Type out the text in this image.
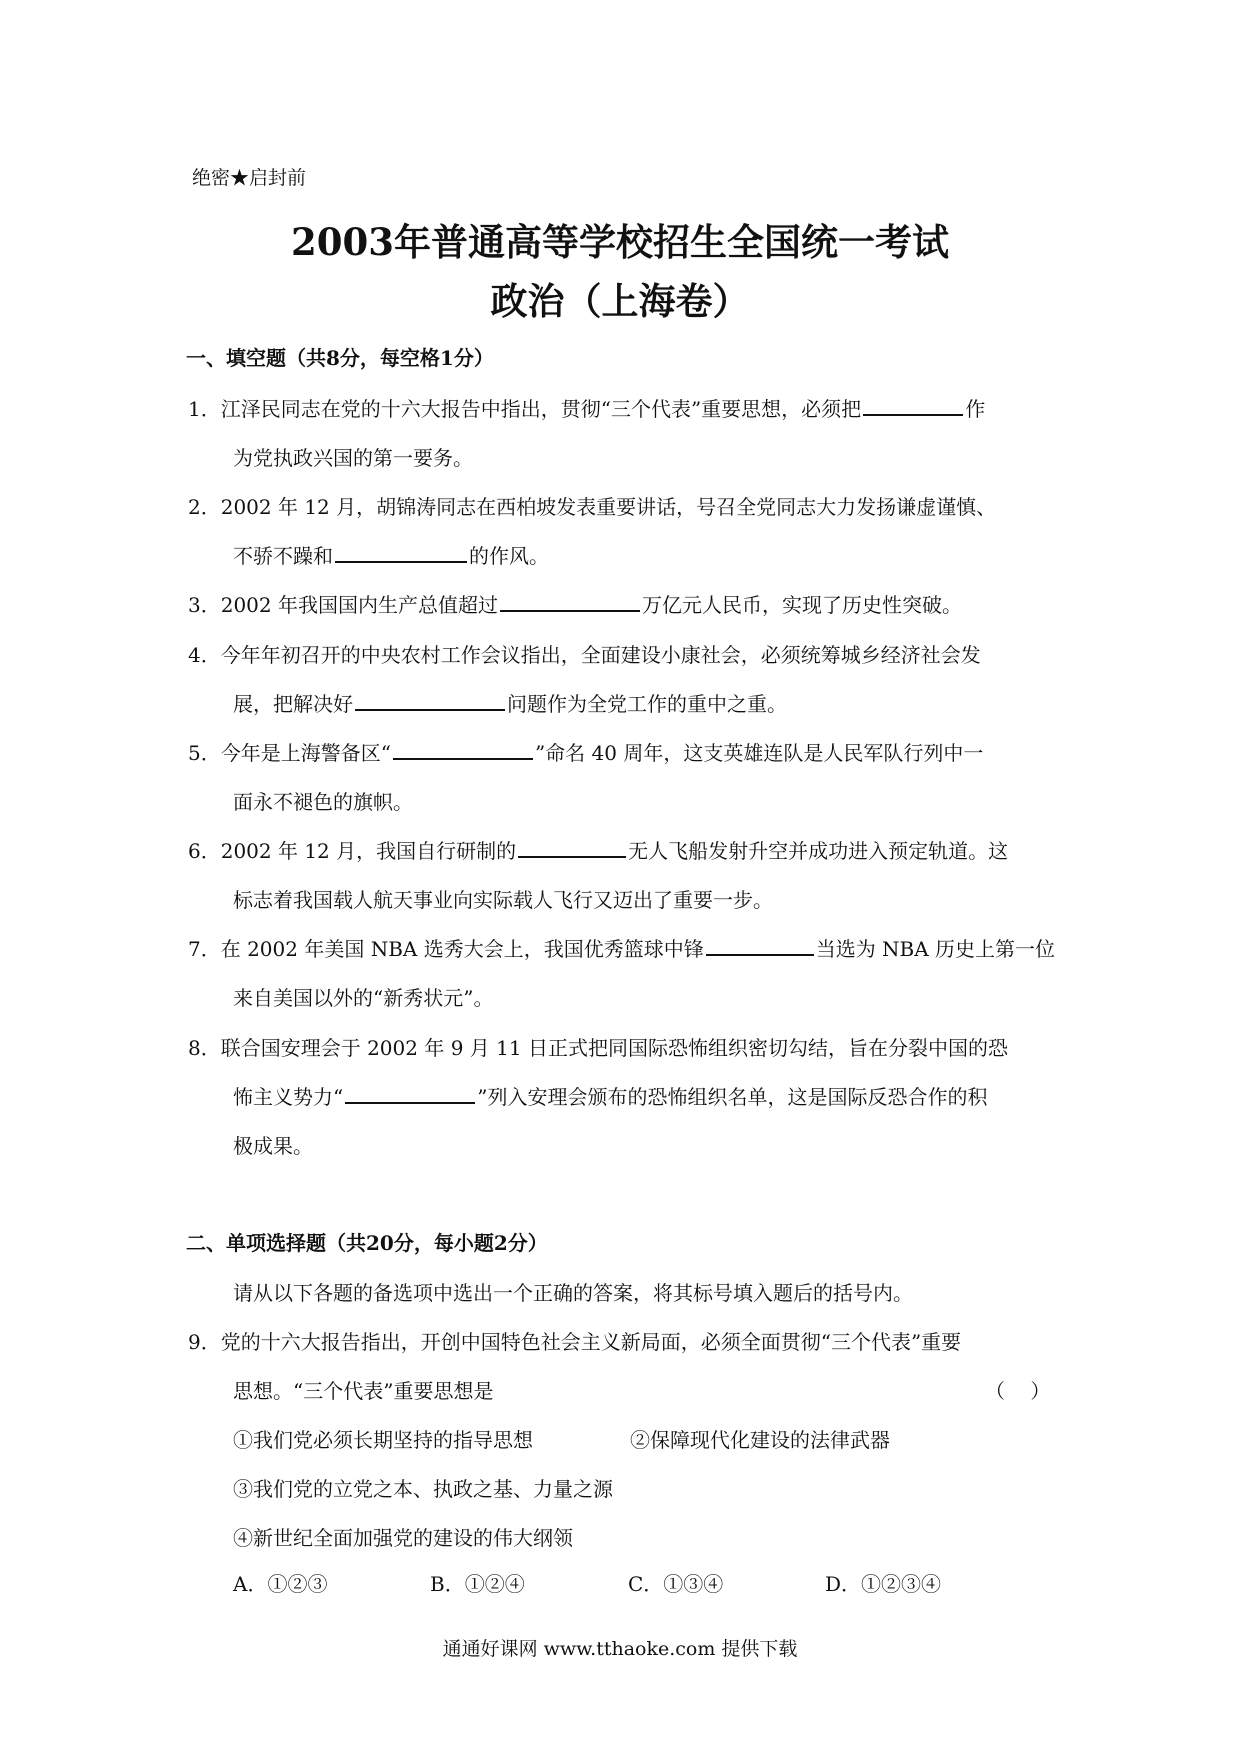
绝密★启封前
2003年普通高等学校招生全国统一考试
政治（上海卷）
一、填空题（共8分，每空格1分）
1．江泽民同志在党的十六大报告中指出，贯彻“三个代表”重要思想，必须把	作
为党执政兴国的第一要务。
2．2002 年 12 月，胡锦涛同志在西柏坡发表重要讲话，号召全党同志大力发扬谦虚谨慎、
不骄不躁和	的作风。
3．2002 年我国国内生产总值超过	万亿元人民币，实现了历史性突破。
4．今年年初召开的中央农村工作会议指出，全面建设小康社会，必须统筹城乡经济社会发
展，把解决好	问题作为全党工作的重中之重。
5．今年是上海警备区“	”命名 40 周年，这支英雄连队是人民军队行列中一
面永不褪色的旗帜。
6．2002 年 12 月，我国自行研制的	无人飞船发射升空并成功进入预定轨道。这
标志着我国载人航天事业向实际载人飞行又迈出了重要一步。
7．在 2002 年美国 NBA 选秀大会上，我国优秀篮球中锋	当选为 NBA 历史上第一位
来自美国以外的“新秀状元”。
8．联合国安理会于 2002 年 9 月 11 日正式把同国际恐怖组织密切勾结，旨在分裂中国的恐
怖主义势力“	”列入安理会颁布的恐怖组织名单，这是国际反恐合作的积
极成果。
二、单项选择题（共20分，每小题2分）
请从以下各题的备选项中选出一个正确的答案，将其标号填入题后的括号内。
9．党的十六大报告指出，开创中国特色社会主义新局面，必须全面贯彻“三个代表”重要
思想。“三个代表”重要思想是	（    ）
①我们党必须长期坚持的指导思想	②保障现代化建设的法律武器
③我们党的立党之本、执政之基、力量之源
④新世纪全面加强党的建设的伟大纲领
A．①②③	B．①②④	C．①③④	D．①②③④
通通好课网 www.tthaoke.com 提供下载
